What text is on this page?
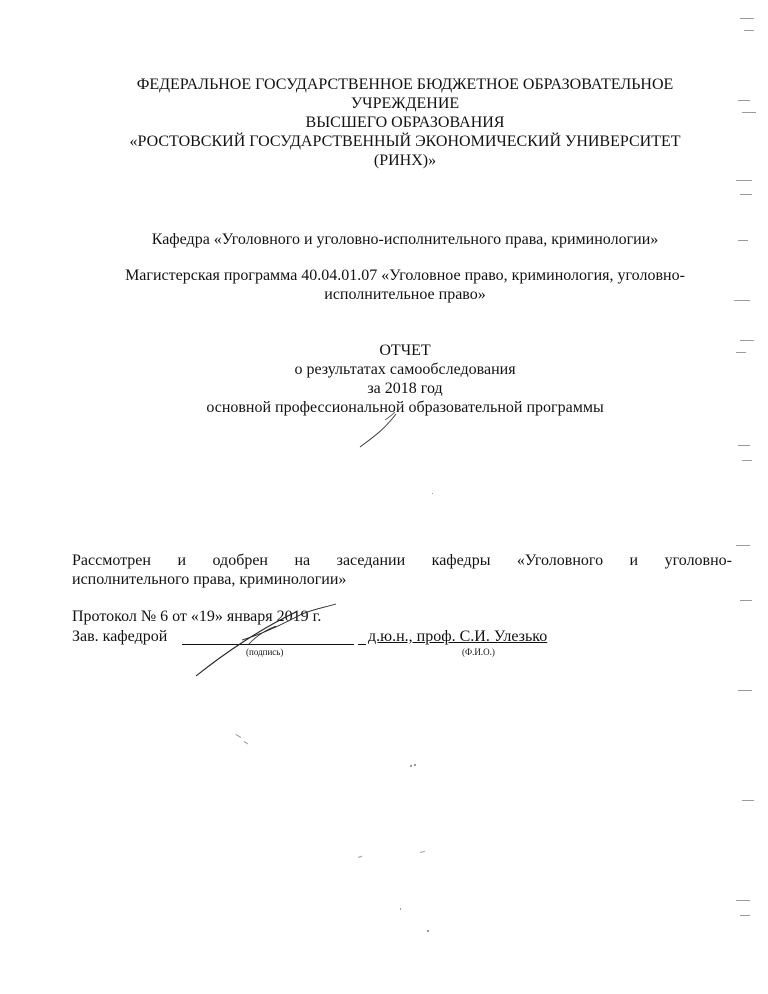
ФЕДЕРАЛЬНОЕ ГОСУДАРСТВЕННОЕ БЮДЖЕТНОЕ ОБРАЗОВАТЕЛЬНОЕ
УЧРЕЖДЕНИЕ
ВЫСШЕГО ОБРАЗОВАНИЯ
«РОСТОВСКИЙ ГОСУДАРСТВЕННЫЙ ЭКОНОМИЧЕСКИЙ УНИВЕРСИТЕТ
(РИНХ)»
Кафедра «Уголовного и уголовно-исполнительного права, криминологии»
Магистерская программа 40.04.01.07 «Уголовное право, криминология, уголовно-
исполнительное право»
ОТЧЕТ
о результатах самообследования
за 2018 год
основной профессиональной образовательной программы
Рассмотрен и одобрен на заседании кафедры «Уголовного и уголовно-
исполнительного права, криминологии»
Протокол № 6 от «19» января 2019 г.
Зав. кафедрой
(подпись)
д.ю.н., проф. С.И. Улезько
(Ф.И.О.)
